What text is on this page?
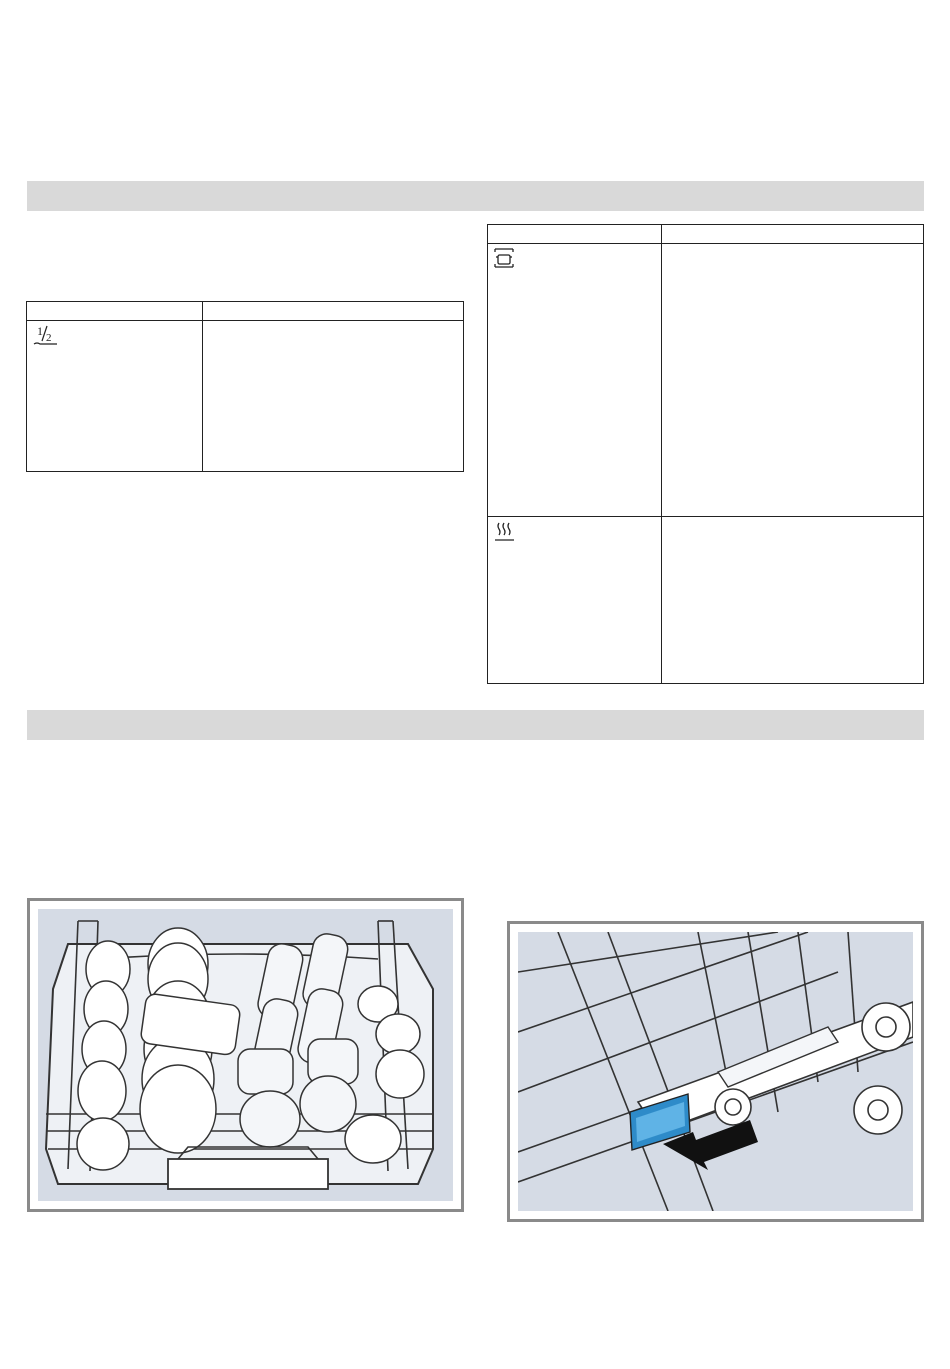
1 2
